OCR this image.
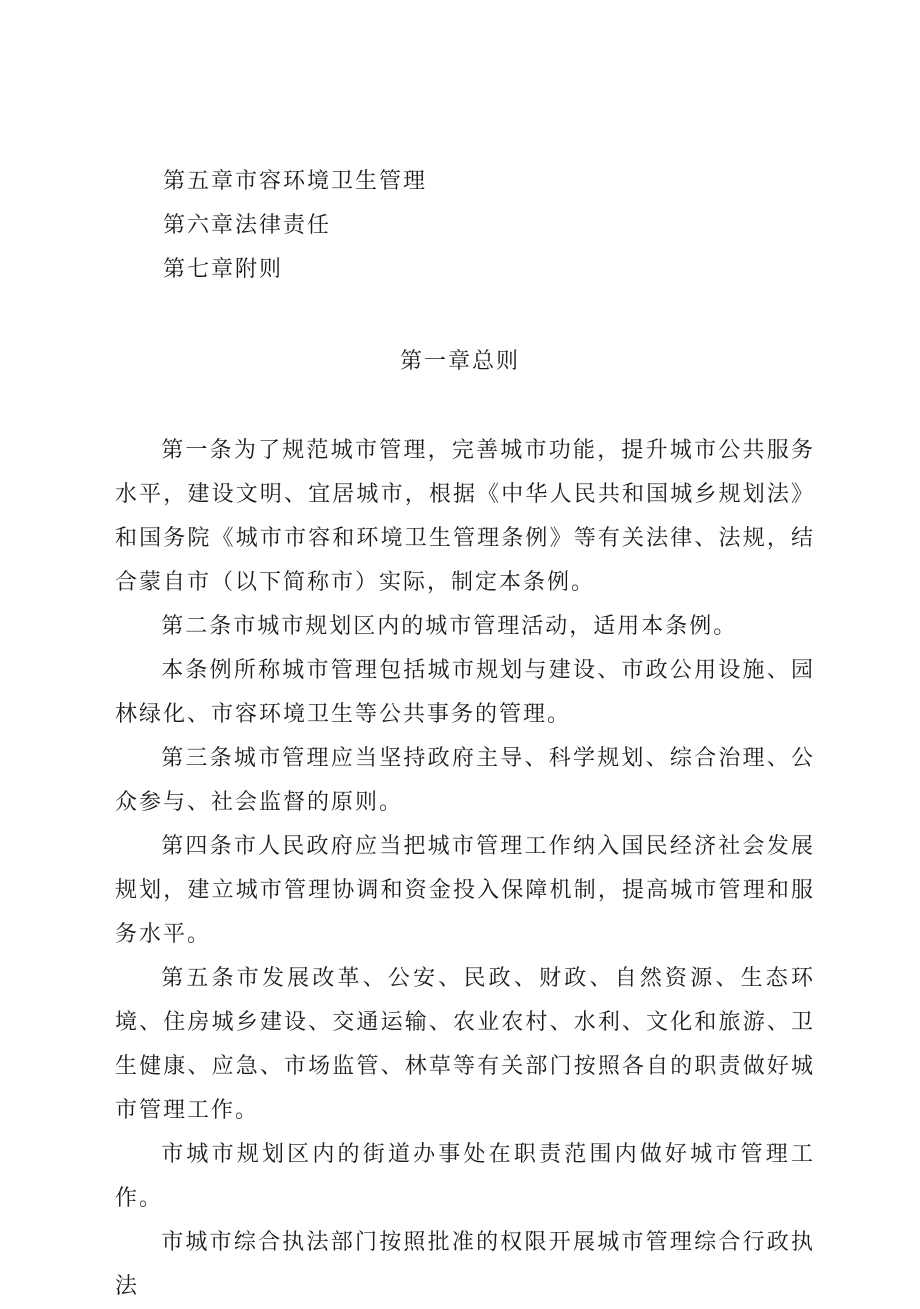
第五章市容环境卫生管理
第六章法律责任
第七章附则
第一章总则

第一条为了规范城市管理，完善城市功能，提升城市公共服务水平，建设文明、宜居城市，根据《中华人民共和国城乡规划法》和国务院《城市市容和环境卫生管理条例》等有关法律、法规，结合蒙自市（以下简称市）实际，制定本条例。

第二条市城市规划区内的城市管理活动，适用本条例。

本条例所称城市管理包括城市规划与建设、市政公用设施、园林绿化、市容环境卫生等公共事务的管理。

第三条城市管理应当坚持政府主导、科学规划、综合治理、公众参与、社会监督的原则。

第四条市人民政府应当把城市管理工作纳入国民经济社会发展规划，建立城市管理协调和资金投入保障机制，提高城市管理和服务水平。

第五条市发展改革、公安、民政、财政、自然资源、生态环境、住房城乡建设、交通运输、农业农村、水利、文化和旅游、卫生健康、应急、市场监管、林草等有关部门按照各自的职责做好城市管理工作。

市城市规划区内的街道办事处在职责范围内做好城市管理工作。

市城市综合执法部门按照批准的权限开展城市管理综合行政执法
